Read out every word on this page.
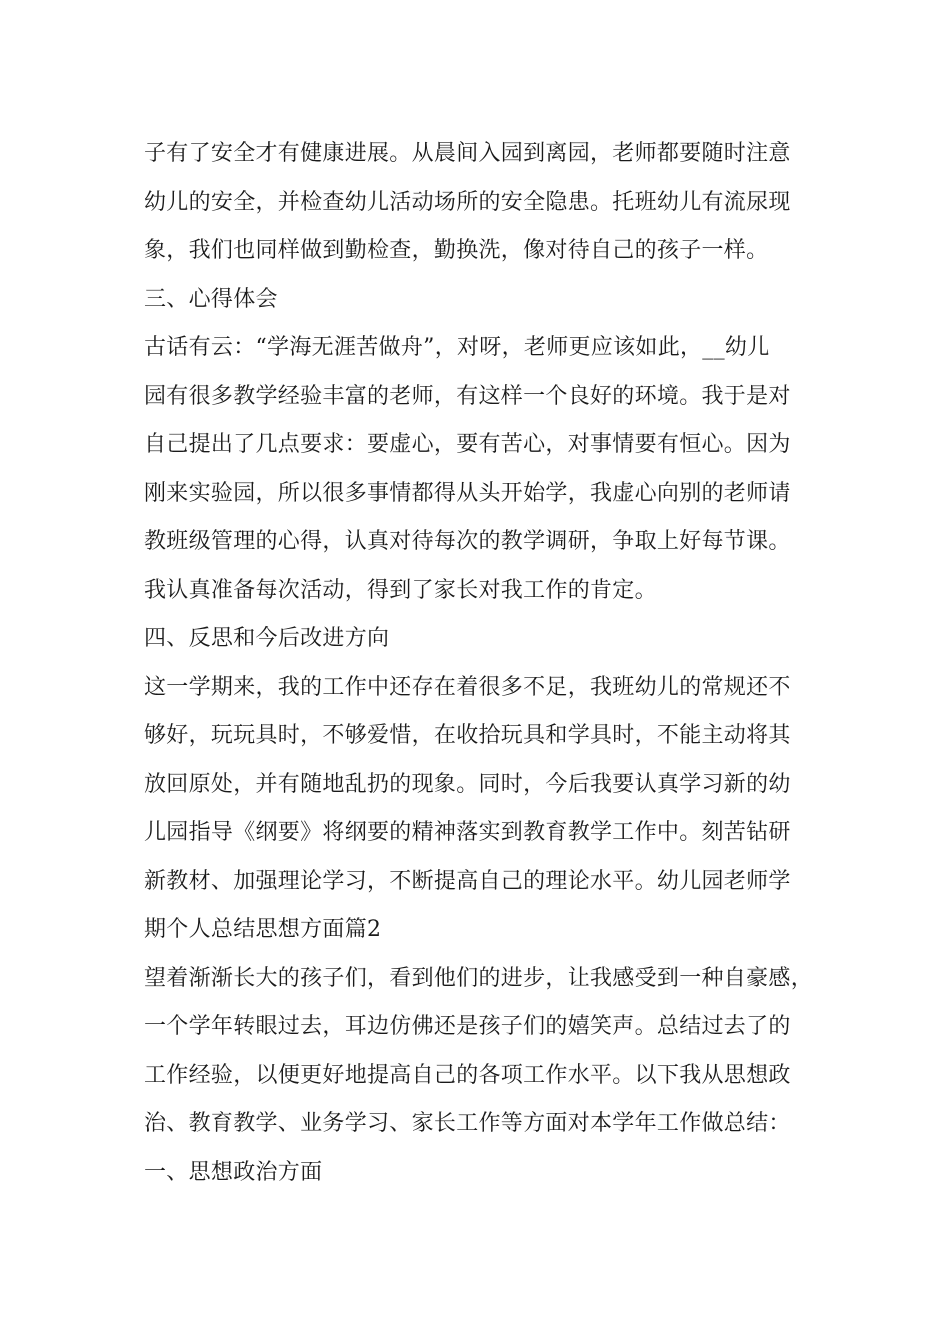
子有了安全才有健康进展。从晨间入园到离园，老师都要随时注意
幼儿的安全，并检查幼儿活动场所的安全隐患。托班幼儿有流尿现
象，我们也同样做到勤检查，勤换洗，像对待自己的孩子一样。
三、心得体会
古话有云：“学海无涯苦做舟”，对呀，老师更应该如此，__幼儿
园有很多教学经验丰富的老师，有这样一个良好的环境。我于是对
自己提出了几点要求：要虚心，要有苦心，对事情要有恒心。因为
刚来实验园，所以很多事情都得从头开始学，我虚心向别的老师请
教班级管理的心得，认真对待每次的教学调研，争取上好每节课。
我认真准备每次活动，得到了家长对我工作的肯定。
四、反思和今后改进方向
这一学期来，我的工作中还存在着很多不足，我班幼儿的常规还不
够好，玩玩具时，不够爱惜，在收拾玩具和学具时，不能主动将其
放回原处，并有随地乱扔的现象。同时，今后我要认真学习新的幼
儿园指导《纲要》将纲要的精神落实到教育教学工作中。刻苦钻研
新教材、加强理论学习，不断提高自己的理论水平。幼儿园老师学
期个人总结思想方面篇2
望着渐渐长大的孩子们，看到他们的进步，让我感受到一种自豪感，
一个学年转眼过去，耳边仿佛还是孩子们的嬉笑声。总结过去了的
工作经验，以便更好地提高自己的各项工作水平。以下我从思想政
治、教育教学、业务学习、家长工作等方面对本学年工作做总结：
一、思想政治方面
